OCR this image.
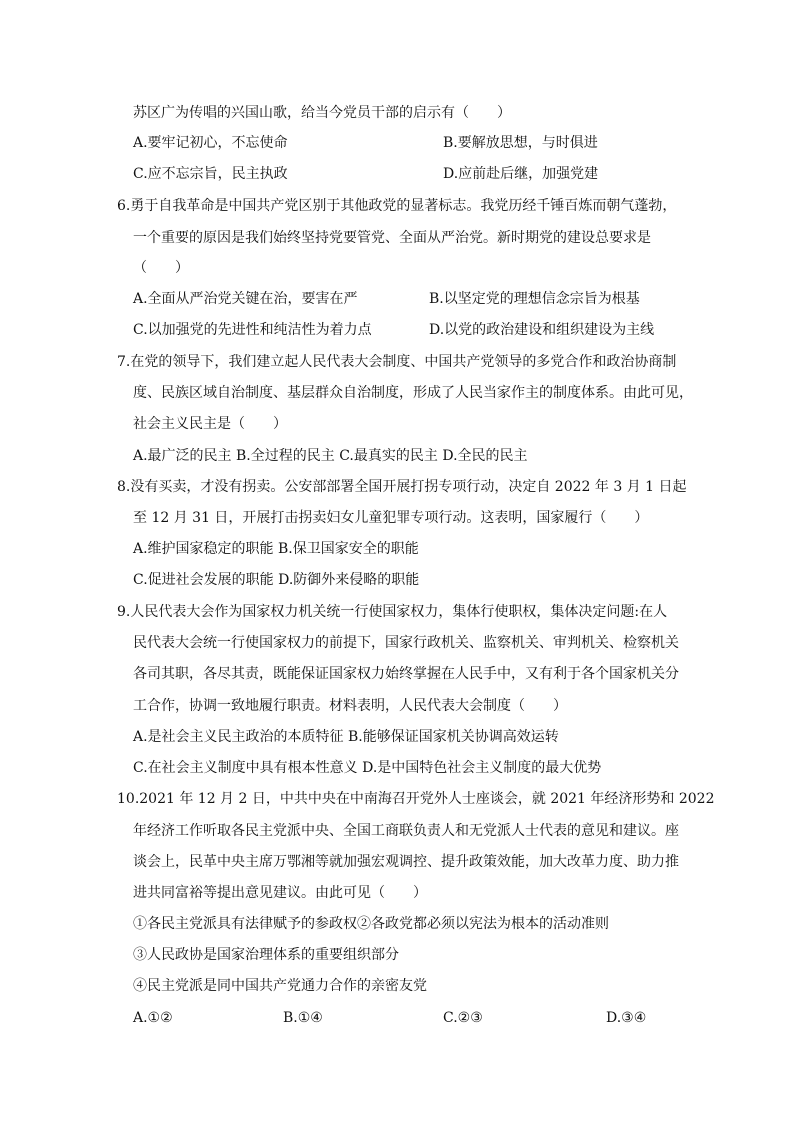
苏区广为传唱的兴国山歌，给当今党员干部的启示有（　　）
A.要牢记初心，不忘使命	B.要解放思想，与时俱进
C.应不忘宗旨，民主执政	D.应前赴后继，加强党建
6.勇于自我革命是中国共产党区别于其他政党的显著标志。我党历经千锤百炼而朝气蓬勃，
一个重要的原因是我们始终坚持党要管党、全面从严治党。新时期党的建设总要求是
（　　）
A.全面从严治党关键在治，要害在严	B.以坚定党的理想信念宗旨为根基
C.以加强党的先进性和纯洁性为着力点	D.以党的政治建设和组织建设为主线
7.在党的领导下，我们建立起人民代表大会制度、中国共产党领导的多党合作和政治协商制
度、民族区域自治制度、基层群众自治制度，形成了人民当家作主的制度体系。由此可见，
社会主义民主是（　　）
A.最广泛的民主 B.全过程的民主 C.最真实的民主 D.全民的民主
8.没有买卖，才没有拐卖。公安部部署全国开展打拐专项行动，决定自 2022 年 3 月 1 日起
至 12 月 31 日，开展打击拐卖妇女儿童犯罪专项行动。这表明，国家履行（　　）
A.维护国家稳定的职能 B.保卫国家安全的职能
C.促进社会发展的职能 D.防御外来侵略的职能
9.人民代表大会作为国家权力机关统一行使国家权力，集体行使职权，集体决定问题:在人
民代表大会统一行使国家权力的前提下，国家行政机关、监察机关、审判机关、检察机关
各司其职，各尽其责，既能保证国家权力始终掌握在人民手中，又有利于各个国家机关分
工合作，协调一致地履行职责。材料表明，人民代表大会制度（　　）
A.是社会主义民主政治的本质特征 B.能够保证国家机关协调高效运转
C.在社会主义制度中具有根本性意义 D.是中国特色社会主义制度的最大优势
10.2021 年 12 月 2 日，中共中央在中南海召开党外人士座谈会，就 2021 年经济形势和 2022
年经济工作听取各民主党派中央、全国工商联负责人和无党派人士代表的意见和建议。座
谈会上，民革中央主席万鄂湘等就加强宏观调控、提升政策效能，加大改革力度、助力推
进共同富裕等提出意见建议。由此可见（　　）
①各民主党派具有法律赋予的参政权②各政党都必须以宪法为根本的活动准则
③人民政协是国家治理体系的重要组织部分
④民主党派是同中国共产党通力合作的亲密友党
A.①②	B.①④	C.②③	D.③④
